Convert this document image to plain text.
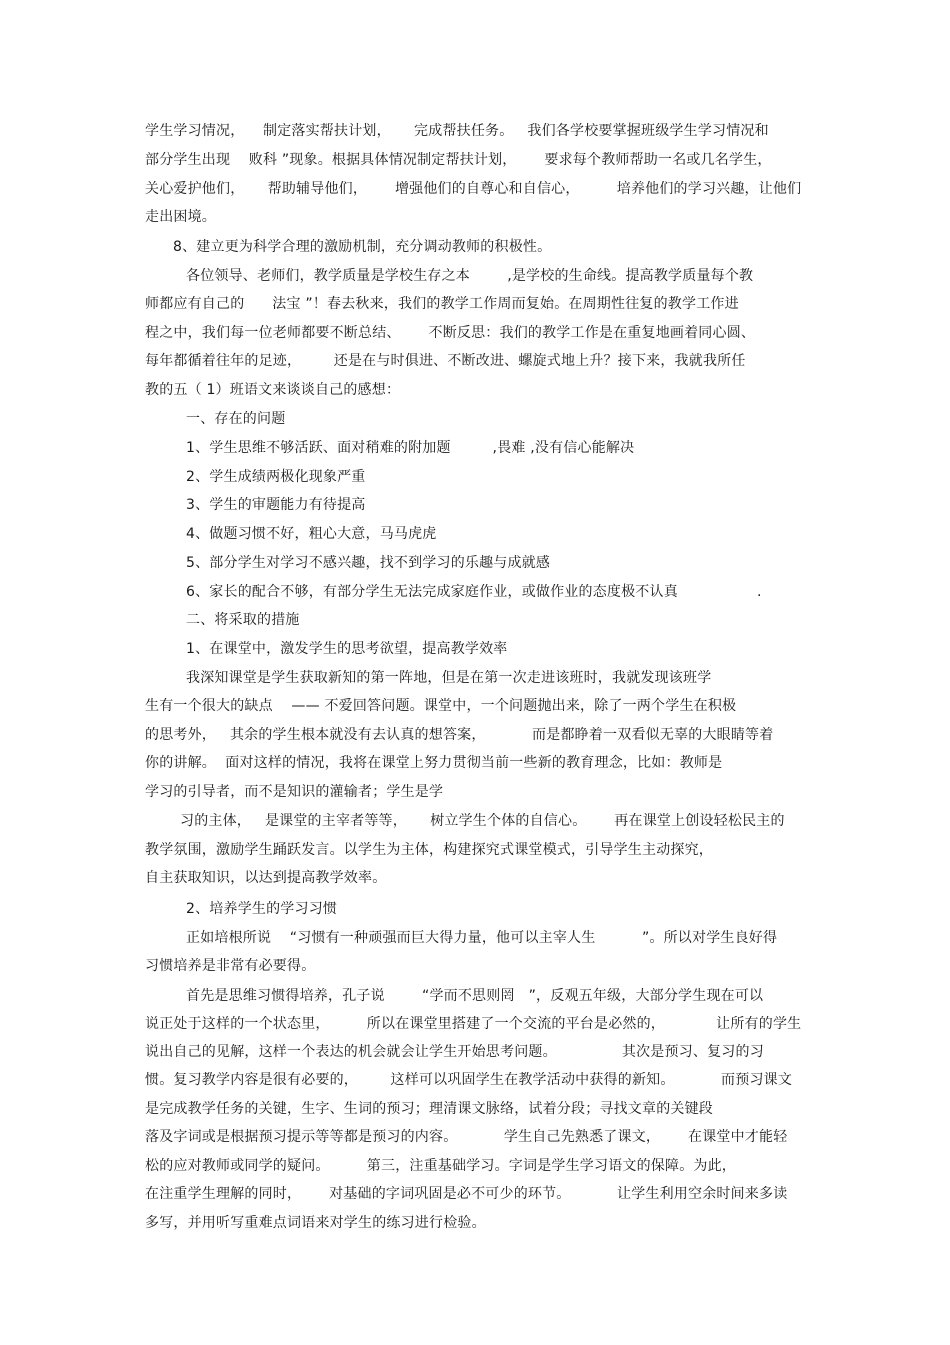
学生学习情况，    制定落实帮扶计划，     完成帮扶任务。   我们各学校要掌握班级学生学习情况和
部分学生出现    败科 ”现象。根据具体情况制定帮扶计划，      要求每个教师帮助一名或几名学生，
关心爱护他们，     帮助辅导他们，      增强他们的自尊心和自信心，        培养他们的学习兴趣，让他们
走出困境。
8、建立更为科学合理的激励机制，充分调动教师的积极性。
各位领导、老师们，教学质量是学校生存之本        ,是学校的生命线。提高教学质量每个教
师都应有自己的      法宝 ”！春去秋来，我们的教学工作周而复始。在周期性往复的教学工作进
程之中，我们每一位老师都要不断总结、      不断反思：我们的教学工作是在重复地画着同心圆、
每年都循着往年的足迹，       还是在与时俱进、不断改进、螺旋式地上升？接下来，我就我所任
教的五（ 1）班语文来谈谈自己的感想：
一、存在的问题
1、学生思维不够活跃、面对稍难的附加题         ,畏难 ,没有信心能解决
2、学生成绩两极化现象严重
3、学生的审题能力有待提高
4、做题习惯不好，粗心大意，马马虎虎
5、部分学生对学习不感兴趣，找不到学习的乐趣与成就感
6、家长的配合不够，有部分学生无法完成家庭作业，或做作业的态度极不认真                 .
二、将采取的措施
1、在课堂中，激发学生的思考欲望，提高教学效率
我深知课堂是学生获取新知的第一阵地，但是在第一次走进该班时，我就发现该班学
生有一个很大的缺点    —— 不爱回答问题。课堂中，一个问题抛出来，除了一两个学生在积极
的思考外，   其余的学生根本就没有去认真的想答案，          而是都睁着一双看似无辜的大眼睛等着
你的讲解。  面对这样的情况，我将在课堂上努力贯彻当前一些新的教育理念，比如：教师是
学习的引导者，而不是知识的灌输者；学生是学
习的主体，   是课堂的主宰者等等，     树立学生个体的自信心。      再在课堂上创设轻松民主的
教学氛围，激励学生踊跃发言。以学生为主体，构建探究式课堂模式，引导学生主动探究，
自主获取知识，以达到提高教学效率。
2、培养学生的学习习惯
正如培根所说    “习惯有一种顽强而巨大得力量，他可以主宰人生          ”。所以对学生良好得
习惯培养是非常有必要得。
首先是思维习惯得培养，孔子说        “学而不思则罔   ”，反观五年级，大部分学生现在可以
说正处于这样的一个状态里，        所以在课堂里搭建了一个交流的平台是必然的，           让所有的学生
说出自己的见解，这样一个表达的机会就会让学生开始思考问题。              其次是预习、复习的习
惯。复习教学内容是很有必要的，       这样可以巩固学生在教学活动中获得的新知。          而预习课文
是完成教学任务的关键，生字、生词的预习；理清课文脉络，试着分段；寻找文章的关键段
落及字词或是根据预习提示等等都是预习的内容。          学生自己先熟悉了课文，      在课堂中才能轻
松的应对教师或同学的疑问。        第三，注重基础学习。字词是学生学习语文的保障。为此，
在注重学生理解的同时，      对基础的字词巩固是必不可少的环节。          让学生利用空余时间来多读
多写，并用听写重难点词语来对学生的练习进行检验。
